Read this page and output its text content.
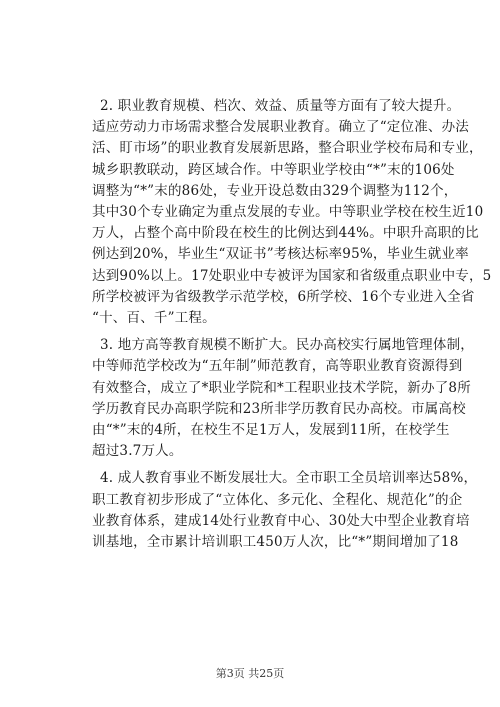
2. 职业教育规模、档次、效益、质量等方面有了较大提升。
适应劳动力市场需求整合发展职业教育。确立了“定位准、办法
活、盯市场”的职业教育发展新思路，整合职业学校布局和专业，
城乡职教联动，跨区域合作。中等职业学校由“*”末的106处
调整为“*”末的86处，专业开设总数由329个调整为112个，
其中30个专业确定为重点发展的专业。中等职业学校在校生近10
万人，占整个高中阶段在校生的比例达到44%。中职升高职的比
例达到20%，毕业生“双证书”考核达标率95%，毕业生就业率
达到90%以上。17处职业中专被评为国家和省级重点职业中专，5
所学校被评为省级教学示范学校，6所学校、16个专业进入全省
“十、百、千”工程。

3. 地方高等教育规模不断扩大。民办高校实行属地管理体制，
中等师范学校改为“五年制”师范教育，高等职业教育资源得到
有效整合，成立了*职业学院和*工程职业技术学院，新办了8所
学历教育民办高职学院和23所非学历教育民办高校。市属高校
由“*”末的4所，在校生不足1万人，发展到11所，在校学生
超过3.7万人。

4. 成人教育事业不断发展壮大。全市职工全员培训率达58%，
职工教育初步形成了“立体化、多元化、全程化、规范化”的企
业教育体系，建成14处行业教育中心、30处大中型企业教育培
训基地，全市累计培训职工450万人次，比“*”期间增加了18

第3页 共25页
